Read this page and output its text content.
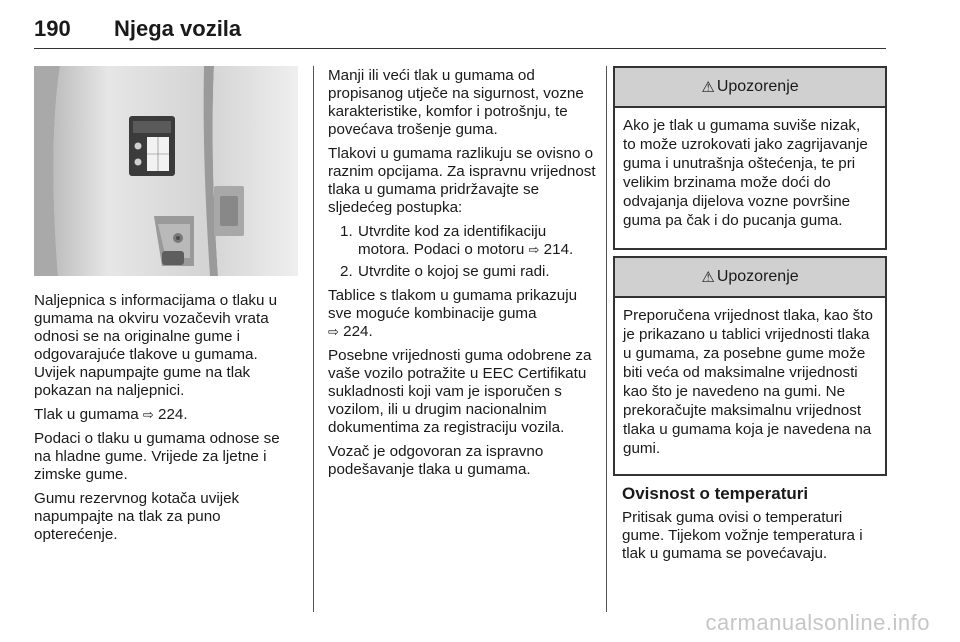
190 Njega vozila

Naljepnica s informacijama o tlaku u gumama na okviru vozačevih vrata odnosi se na originalne gume i odgovarajuće tlakove u gumama. Uvijek napumpajte gume na tlak pokazan na naljepnici.

Tlak u gumama ⇨ 224.

Podaci o tlaku u gumama odnose se na hladne gume. Vrijede za ljetne i zimske gume.

Gumu rezervnog kotača uvijek napumpajte na tlak za puno opterećenje.

Manji ili veći tlak u gumama od propisanog utječe na sigurnost, vozne karakteristike, komfor i potrošnju, te povećava trošenje guma.

Tlakovi u gumama razlikuju se ovisno o raznim opcijama. Za ispravnu vrijednost tlaka u gumama pridržavajte se sljedećeg postupka:

1. Utvrdite kod za identifikaciju motora. Podaci o motoru ⇨ 214.
2. Utvrdite o kojoj se gumi radi.

Tablice s tlakom u gumama prikazuju sve moguće kombinacije guma
⇨ 224.

Posebne vrijednosti guma odobrene za vaše vozilo potražite u EEC Certifikatu sukladnosti koji vam je isporučen s vozilom, ili u drugim nacionalnim dokumentima za registraciju vozila.

Vozač je odgovoran za ispravno podešavanje tlaka u gumama.

⚠ Upozorenje
Ako je tlak u gumama suviše nizak, to može uzrokovati jako zagrijavanje guma i unutrašnja oštećenja, te pri velikim brzinama može doći do odvajanja dijelova vozne površine guma pa čak i do pucanja guma.
⚠ Upozorenje
Preporučena vrijednost tlaka, kao što je prikazano u tablici vrijednosti tlaka u gumama, za posebne gume može biti veća od maksimalne vrijednosti kao što je navedeno na gumi. Ne prekoračujte maksimalnu vrijednost tlaka u gumama koja je navedena na gumi.

Ovisnost o temperaturi

Pritisak guma ovisi o temperaturi gume. Tijekom vožnje temperatura i tlak u gumama se povećavaju.

carmanualsonline.info
